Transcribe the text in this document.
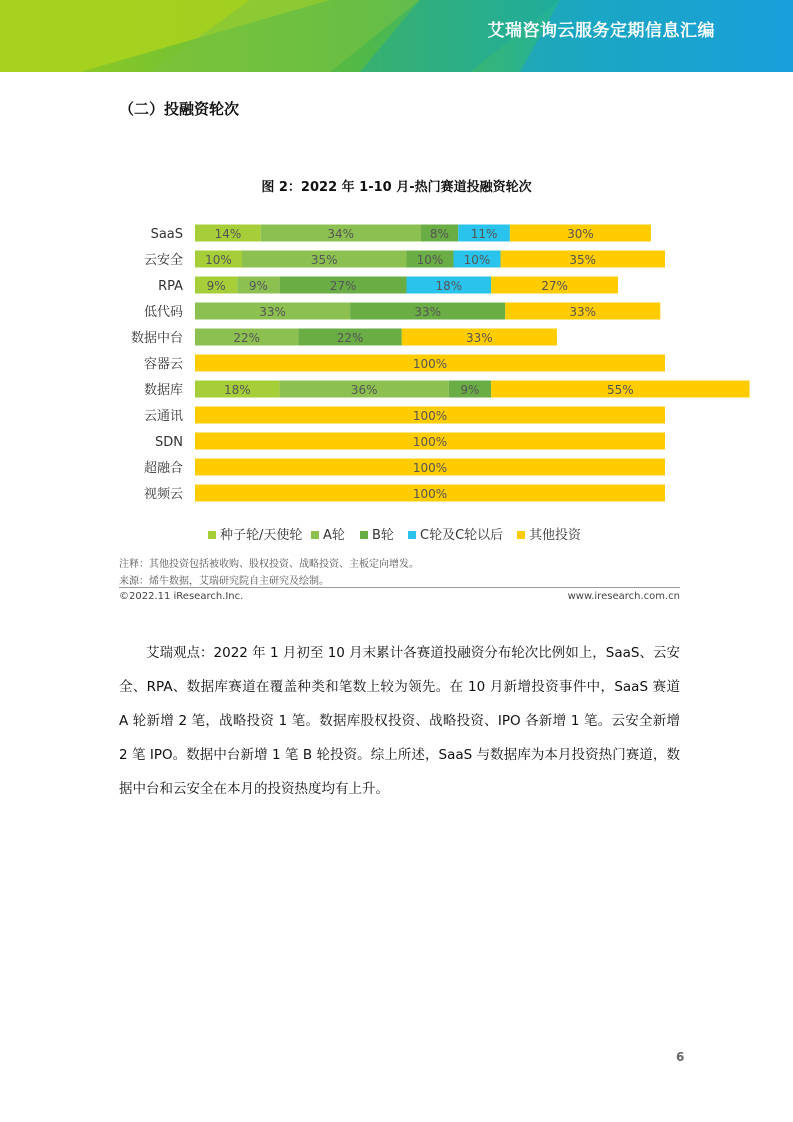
艾瑞咨询云服务定期信息汇编
（二）投融资轮次
图 2：2022 年 1-10 月-热门赛道投融资轮次
SaaS	14%	34%	8% 11%	30%
云安全 10%	35%	10% 10%	35%
RPA 9% 9%	27%	18%	27%
低代码	33%	33%	33%
数据中台	22%	22%	33%
容器云	100%
数据库	18%	36%	9%	55%
云通讯	100%
SDN	100%
超融合	100%
视频云	100%
种子轮/天使轮 A轮 B轮 C轮及C轮以后 其他投资
注释：其他投资包括被收购、股权投资、战略投资、主板定向增发。
来源：烯牛数据，艾瑞研究院自主研究及绘制。
©2022.11 iResearch.Inc.	www.iresearch.com.cn
艾瑞观点：2022 年 1 月初至 10 月末累计各赛道投融资分布轮次比例如上，SaaS、云安全、RPA、数据库赛道在覆盖种类和笔数上较为领先。在 10 月新增投资事件中，SaaS 赛道 A 轮新增 2 笔，战略投资 1 笔。数据库股权投资、战略投资、IPO 各新增 1 笔。云安全新增 2 笔 IPO。数据中台新增 1 笔 B 轮投资。综上所述，SaaS 与数据库为本月投资热门赛道，数据中台和云安全在本月的投资热度均有上升。
6
